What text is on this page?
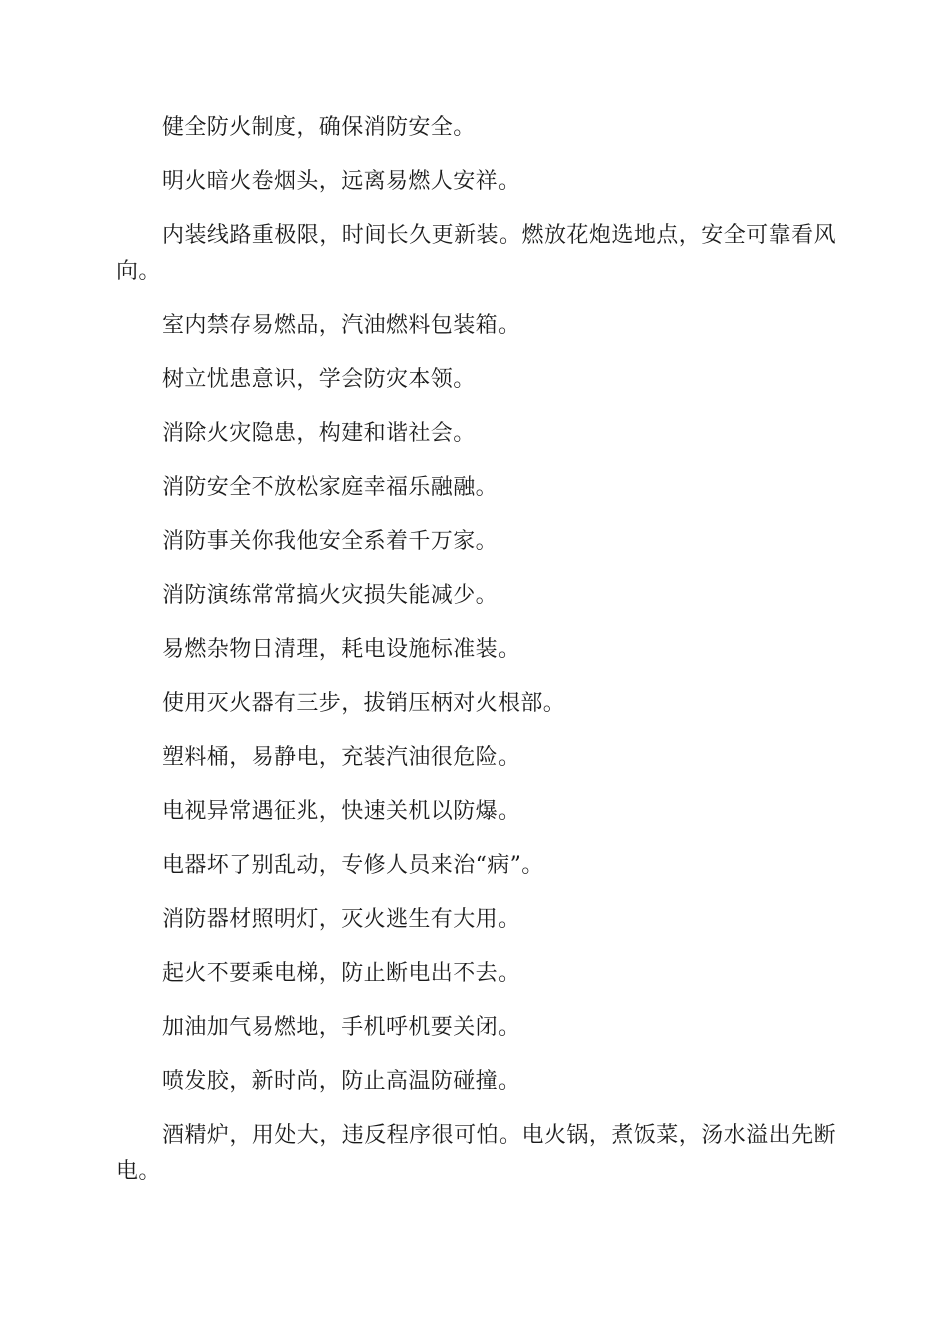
健全防火制度，确保消防安全。

明火暗火卷烟头，远离易燃人安祥。

内装线路重极限，时间长久更新装。燃放花炮选地点，安全可靠看风向。

室内禁存易燃品，汽油燃料包装箱。

树立忧患意识，学会防灾本领。

消除火灾隐患，构建和谐社会。

消防安全不放松家庭幸福乐融融。

消防事关你我他安全系着千万家。

消防演练常常搞火灾损失能减少。

易燃杂物日清理，耗电设施标准装。

使用灭火器有三步，拔销压柄对火根部。

塑料桶，易静电，充装汽油很危险。

电视异常遇征兆，快速关机以防爆。

电器坏了别乱动，专修人员来治“病”。

消防器材照明灯，灭火逃生有大用。

起火不要乘电梯，防止断电出不去。

加油加气易燃地，手机呼机要关闭。

喷发胶，新时尚，防止高温防碰撞。

酒精炉，用处大，违反程序很可怕。电火锅，煮饭菜，汤水溢出先断电。
